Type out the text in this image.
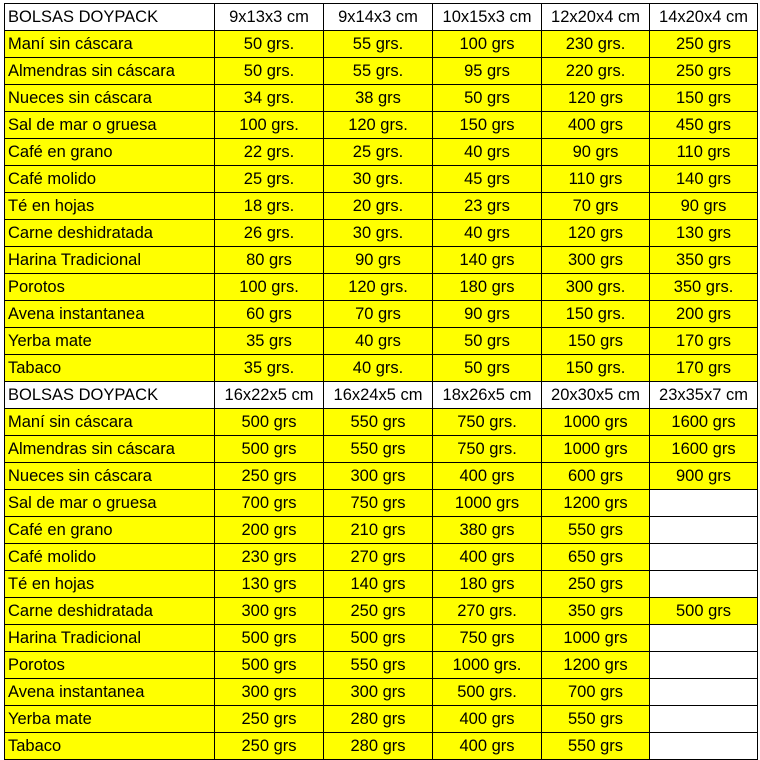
BOLSAS DOYPACK	9x13x3 cm	9x14x3 cm	10x15x3 cm	12x20x4 cm	14x20x4 cm
Maní sin cáscara	50 grs.	55 grs.	100 grs	230 grs.	250 grs
Almendras sin cáscara	50 grs.	55 grs.	95 grs	220 grs.	250 grs
Nueces sin cáscara	34 grs.	38 grs	50 grs	120 grs	150 grs
Sal de mar o gruesa	100 grs.	120 grs.	150 grs	400 grs	450 grs
Café en grano	22 grs.	25 grs.	40 grs	90 grs	110 grs
Café molido	25 grs.	30 grs.	45 grs	110 grs	140 grs
Té en hojas	18 grs.	20 grs.	23 grs	70 grs	90 grs
Carne deshidratada	26 grs.	30 grs.	40 grs	120 grs	130 grs
Harina Tradicional	80 grs	90 grs	140 grs	300 grs	350 grs
Porotos	100 grs.	120 grs.	180 grs	300 grs.	350 grs.
Avena instantanea	60 grs	70 grs	90 grs	150 grs.	200 grs
Yerba mate	35 grs	40 grs	50 grs	150 grs	170 grs
Tabaco	35 grs.	40 grs.	50 grs	150 grs.	170 grs
BOLSAS DOYPACK	16x22x5 cm	16x24x5 cm	18x26x5 cm	20x30x5 cm	23x35x7 cm
Maní sin cáscara	500 grs	550 grs	750 grs.	1000 grs	1600 grs
Almendras sin cáscara	500 grs	550 grs	750 grs.	1000 grs	1600 grs
Nueces sin cáscara	250 grs	300 grs	400 grs	600 grs	900 grs
Sal de mar o gruesa	700 grs	750 grs	1000 grs	1200 grs	
Café en grano	200 grs	210 grs	380 grs	550 grs	
Café molido	230 grs	270 grs	400 grs	650 grs	
Té en hojas	130 grs	140 grs	180 grs	250 grs	
Carne deshidratada	300 grs	250 grs	270 grs.	350 grs	500 grs
Harina Tradicional	500 grs	500 grs	750 grs	1000 grs	
Porotos	500 grs	550 grs	1000 grs.	1200 grs	
Avena instantanea	300 grs	300 grs	500 grs.	700 grs	
Yerba mate	250 grs	280 grs	400 grs	550 grs	
Tabaco	250 grs	280 grs	400 grs	550 grs	
